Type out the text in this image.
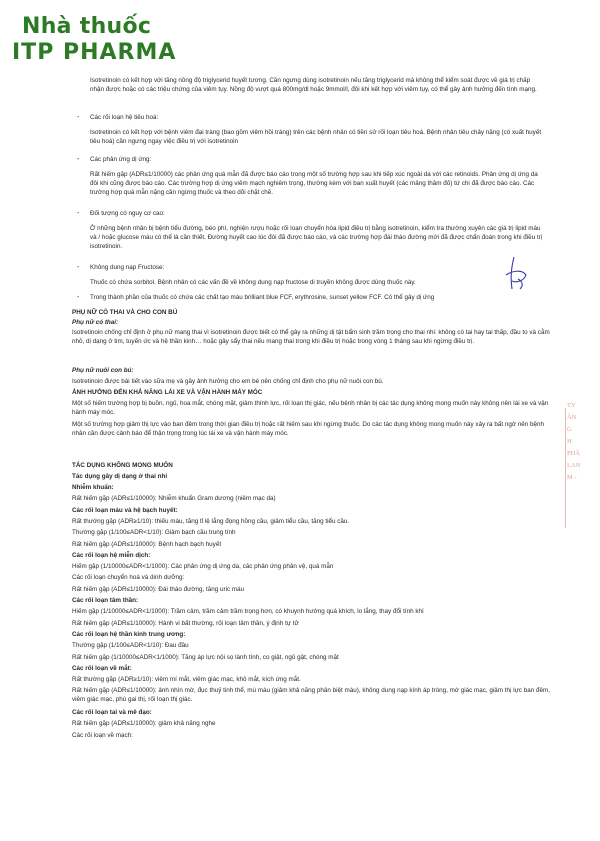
Nhà thuốc
ITP PHARMA
Isotretinoin có kết hợp với tăng nồng độ triglycerid huyết tương. Cần ngưng dùng isotretinoin nếu tăng triglycerid mà không thể kiểm soát được về giá trị chấp nhận được hoặc có các triệu chứng của viêm tụy. Nồng độ vượt quá 800mg/dl hoặc 9mmol/l, đôi khi kết hợp với viêm tụy, có thể gây ảnh hưởng đến tính mạng.
- Các rối loạn hệ tiêu hoá:
Isotretinoin có kết hợp với bệnh viêm đại tràng (bao gồm viêm hồi tràng) trên các bệnh nhân có tiền sử rối loạn tiêu hoá. Bệnh nhân tiêu chảy nặng (có xuất huyết tiêu hoá) cần ngưng ngay việc điều trị với isotretinoin
- Các phản ứng dị ứng:
Rất hiếm gặp (ADR≤1/10000) các phản ứng quá mẫn đã được báo cáo trong một số trường hợp sau khi tiếp xúc ngoài da với các retinoids. Phản ứng dị ứng da đôi khi cũng được báo cáo. Các trường hợp dị ứng viêm mạch nghiêm trọng, thường kèm với ban xuất huyết (các mảng thâm đỏ) tứ chi đã được báo cáo. Các trường hợp quá mẫn nặng cần ngừng thuốc và theo dõi chặt chẽ.
- Đối tượng có nguy cơ cao:
Ở những bệnh nhân bị bệnh tiểu đường, béo phì, nghiện rượu hoặc rối loạn chuyển hóa lipid điều trị bằng isotretinoin, kiểm tra thường xuyên các giá trị lipid máu và / hoặc glucose máu có thể là cần thiết. Đường huyết cao lúc đói đã được báo cáo, và các trường hợp đái tháo đường mới đã được chẩn đoán trong khi điều trị isotretinoin.
- Không dung nạp Fructose:
Thuốc có chứa sorbitol. Bệnh nhân có các vấn đề về không dung nạp fructose di truyền không được dùng thuốc này.
- Trong thành phần của thuốc có chứa các chất tạo màu brilliant blue FCF, erythrosine, sunset yellow FCF. Có thể gây dị ứng
PHỤ NỮ CÓ THAI VÀ CHO CON BÚ
Phụ nữ có thai:
Isotretinoin chống chỉ định ở phụ nữ mang thai vì isotretinoin được biết có thể gây ra những dị tật bẩm sinh trầm trọng cho thai nhi: không có tai hay tai thấp, đầu to và cằm nhỏ, dị dạng ở tim, tuyến ức và hệ thần kinh… hoặc gây sẩy thai nếu mang thai trong khi điều trị hoặc trong vòng 1 tháng sau khi ngừng điều trị.
Phụ nữ nuôi con bú:
Isotretinoin được bài tiết vào sữa mẹ và gây ảnh hưởng cho em bé nên chống chỉ định cho phụ nữ nuôi con bú.
ẢNH HƯỞNG ĐẾN KHẢ NĂNG LÁI XE VÀ VẬN HÀNH MÁY MÓC
Một số hiếm trường hợp bị buồn, ngủ, hoa mắt, chóng mặt, giảm thính lực, rối loạn thị giác, nếu bệnh nhân bị các tác dụng không mong muốn này không nên lái xe và vận hành máy móc.
Một số trường hợp giảm thị lực vào ban đêm trong thời gian điều trị hoặc rất hiếm sau khi ngừng thuốc. Do các tác dụng không mong muốn này xảy ra bất ngờ nên bệnh nhân cần được cảnh báo để thận trọng trong lúc lái xe và vận hành máy móc.
TÁC DỤNG KHÔNG MONG MUỐN
Tác dụng gây dị dạng ở thai nhi
Nhiễm khuẩn:
Rất hiếm gặp (ADR≤1/10000): Nhiễm khuẩn Gram dương (niêm mạc da)
Các rối loạn máu và hệ bạch huyết:
Rất thường gặp (ADR≥1/10): thiếu máu, tăng tỉ lệ lắng đọng hồng cầu, giảm tiểu cầu, tăng tiểu cầu.
Thường gặp (1/100≤ADR<1/10): Giảm bạch cầu trung tính
Rất hiếm gặp (ADR≤1/10000): Bệnh hạch bạch huyết
Các rối loạn hệ miễn dịch:
Hiếm gặp (1/10000≤ADR<1/1000): Các phản ứng dị ứng da, các phản ứng phản vệ, quá mẫn
Các rối loạn chuyển hoá và dinh dưỡng:
Rất hiếm gặp (ADR≤1/10000): Đái tháo đường, tăng uric máu
Các rối loạn tâm thần:
Hiếm gặp (1/10000≤ADR<1/1000): Trầm cảm, trầm cảm trầm trọng hơn, có khuynh hướng quá khích, lo lắng, thay đổi tính khí
Rất hiếm gặp (ADR≤1/10000): Hành vi bất thường, rối loạn tâm thần, ý định tự tử
Các rối loạn hệ thần kinh trung ương:
Thường gặp (1/100≤ADR<1/10): Đau đầu
Rất hiếm gặp (1/10000≤ADR<1/1000): Tăng áp lực nội sọ lành tính, co giật, ngủ gật, chóng mặt
Các rối loạn về mắt:
Rất thường gặp (ADR≥1/10): viêm mí mắt, viêm giác mạc, khô mắt, kích ứng mắt.
Rất hiếm gặp (ADR≤1/10000): ảnh nhìn mờ, đục thuỷ tinh thể, mù màu (giảm khả năng phân biệt màu), không dung nạp kính áp tròng, mờ giác mạc, giảm thị lực ban đêm, viêm giác mạc, phù gai thị, rối loạn thị giác.
Các rối loạn tai và mê đạo:
Rất hiếm gặp (ADR≤1/10000): giảm khả năng nghe
Các rối loạn về mạch:
TY
ÂN
G
H
PHÂ
LAN
M -
